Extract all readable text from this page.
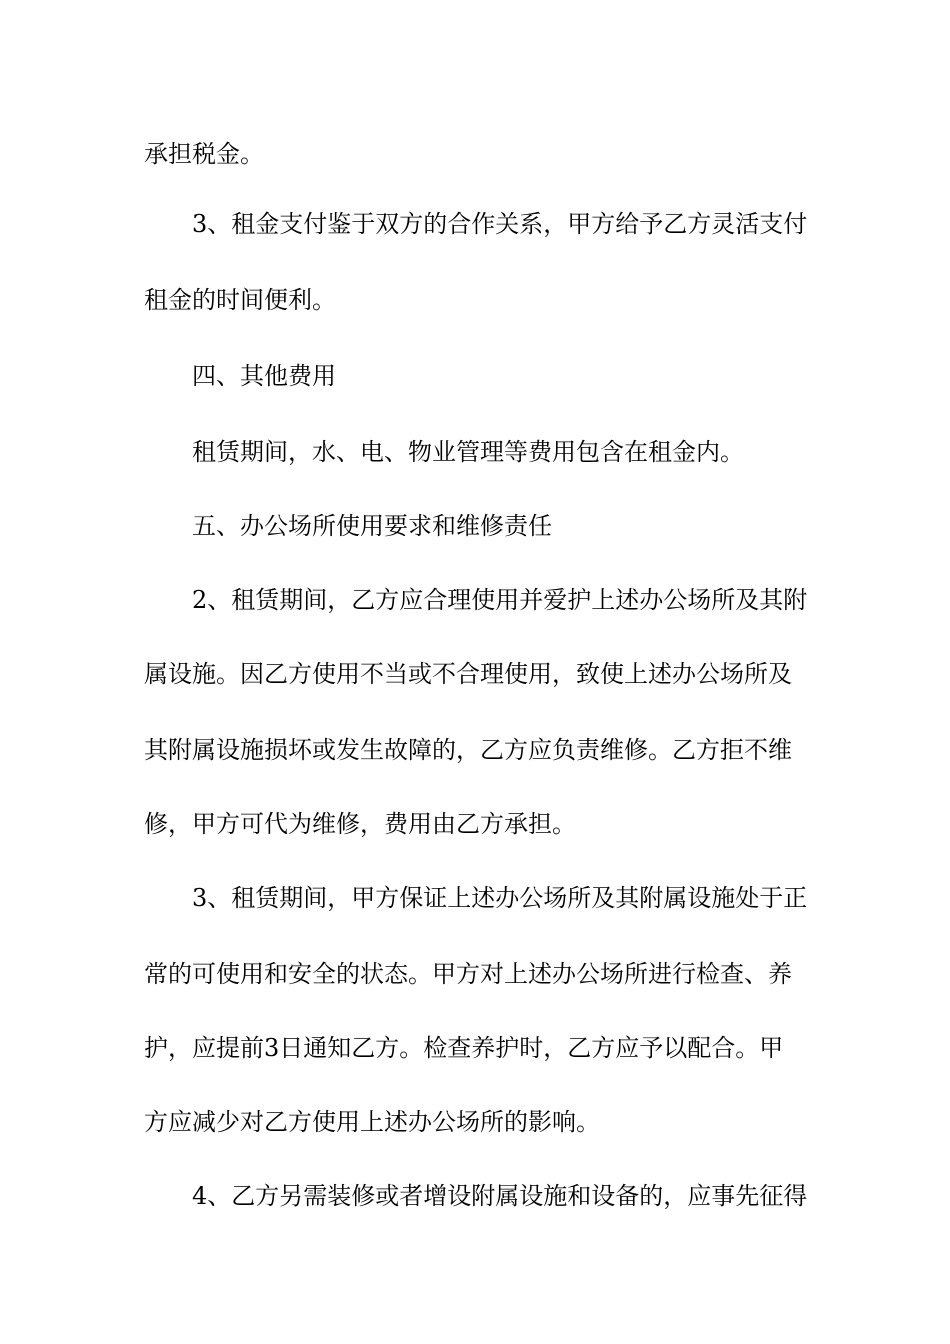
承担税金。

3、租金支付鉴于双方的合作关系，甲方给予乙方灵活支付

租金的时间便利。

四、其他费用

租赁期间，水、电、物业管理等费用包含在租金内。

五、办公场所使用要求和维修责任

2、租赁期间，乙方应合理使用并爱护上述办公场所及其附

属设施。因乙方使用不当或不合理使用，致使上述办公场所及

其附属设施损坏或发生故障的，乙方应负责维修。乙方拒不维

修，甲方可代为维修，费用由乙方承担。

3、租赁期间，甲方保证上述办公场所及其附属设施处于正

常的可使用和安全的状态。甲方对上述办公场所进行检查、养

护，应提前3日通知乙方。检查养护时，乙方应予以配合。甲

方应减少对乙方使用上述办公场所的影响。

4、乙方另需装修或者增设附属设施和设备的，应事先征得
